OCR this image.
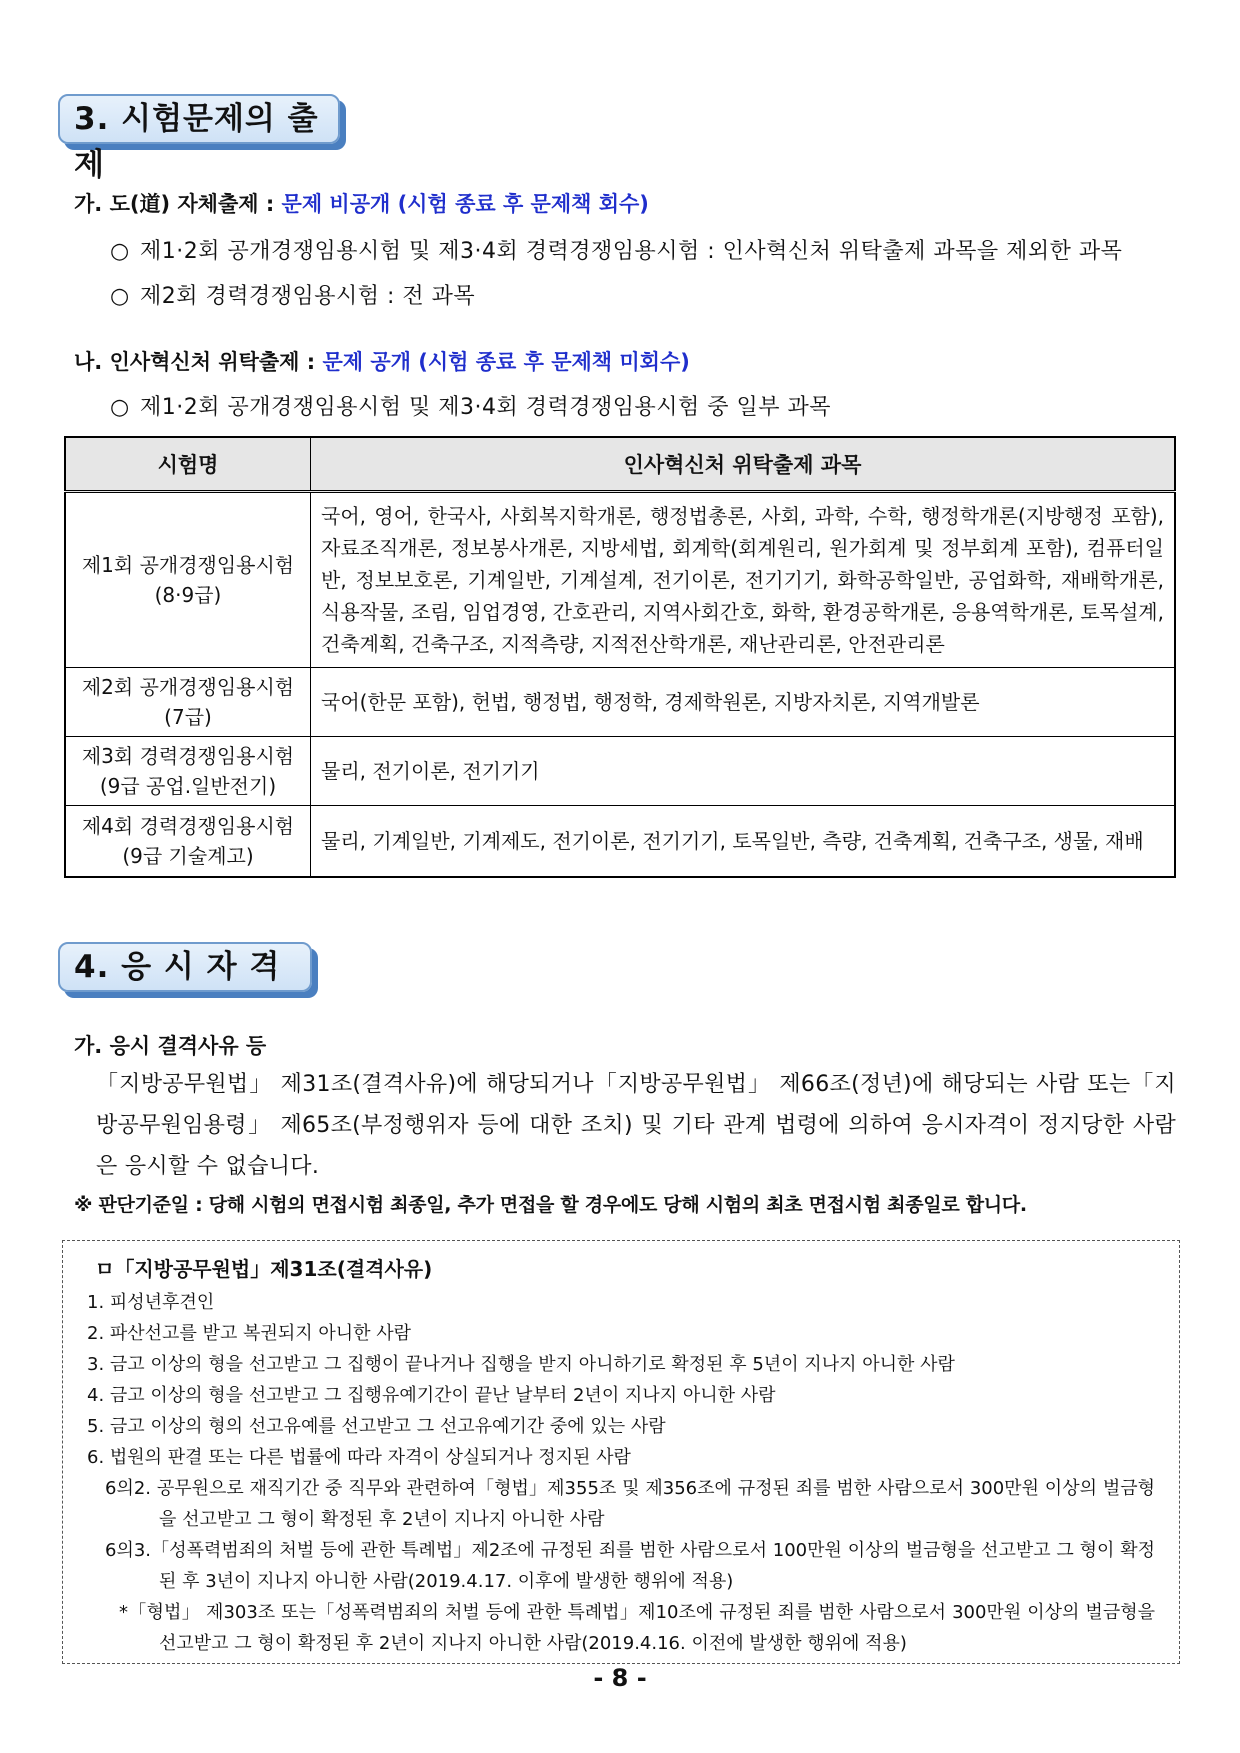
3. 시험문제의 출제
가. 도(道) 자체출제 : 문제 비공개 (시험 종료 후 문제책 회수)
○ 제1·2회 공개경쟁임용시험 및 제3·4회 경력경쟁임용시험 : 인사혁신처 위탁출제 과목을 제외한 과목
○ 제2회 경력경쟁임용시험 : 전 과목
나. 인사혁신처 위탁출제 : 문제 공개 (시험 종료 후 문제책 미회수)
○ 제1·2회 공개경쟁임용시험 및 제3·4회 경력경쟁임용시험 중 일부 과목
시험명	인사혁신처 위탁출제 과목
제1회 공개경쟁임용시험
(8·9급)	국어, 영어, 한국사, 사회복지학개론, 행정법총론, 사회, 과학, 수학, 행정학개론(지방행정 포함), 자료조직개론, 정보봉사개론, 지방세법, 회계학(회계원리, 원가회계 및 정부회계 포함), 컴퓨터일반, 정보보호론, 기계일반, 기계설계, 전기이론, 전기기기, 화학공학일반, 공업화학, 재배학개론, 식용작물, 조림, 임업경영, 간호관리, 지역사회간호, 화학, 환경공학개론, 응용역학개론, 토목설계, 건축계획, 건축구조, 지적측량, 지적전산학개론, 재난관리론, 안전관리론
제2회 공개경쟁임용시험
(7급)	국어(한문 포함), 헌법, 행정법, 행정학, 경제학원론, 지방자치론, 지역개발론
제3회 경력경쟁임용시험
(9급 공업.일반전기)	물리, 전기이론, 전기기기
제4회 경력경쟁임용시험
(9급 기술계고)	물리, 기계일반, 기계제도, 전기이론, 전기기기, 토목일반, 측량, 건축계획, 건축구조, 생물, 재배
4. 응 시 자 격
가. 응시 결격사유 등
「지방공무원법」 제31조(결격사유)에 해당되거나「지방공무원법」 제66조(정년)에 해당되는 사람 또는「지방공무원임용령」 제65조(부정행위자 등에 대한 조치) 및 기타 관계 법령에 의하여 응시자격이 정지당한 사람은 응시할 수 없습니다.
※ 판단기준일 : 당해 시험의 면접시험 최종일, 추가 면접을 할 경우에도 당해 시험의 최초 면접시험 최종일로 합니다.
ㅁ「지방공무원법」제31조(결격사유)
1. 피성년후견인
2. 파산선고를 받고 복권되지 아니한 사람
3. 금고 이상의 형을 선고받고 그 집행이 끝나거나 집행을 받지 아니하기로 확정된 후 5년이 지나지 아니한 사람
4. 금고 이상의 형을 선고받고 그 집행유예기간이 끝난 날부터 2년이 지나지 아니한 사람
5. 금고 이상의 형의 선고유예를 선고받고 그 선고유예기간 중에 있는 사람
6. 법원의 판결 또는 다른 법률에 따라 자격이 상실되거나 정지된 사람
6의2. 공무원으로 재직기간 중 직무와 관련하여「형법」제355조 및 제356조에 규정된 죄를 범한 사람으로서 300만원 이상의 벌금형을 선고받고 그 형이 확정된 후 2년이 지나지 아니한 사람
6의3.「성폭력범죄의 처벌 등에 관한 특례법」제2조에 규정된 죄를 범한 사람으로서 100만원 이상의 벌금형을 선고받고 그 형이 확정된 후 3년이 지나지 아니한 사람(2019.4.17. 이후에 발생한 행위에 적용)
*「형법」 제303조 또는「성폭력범죄의 처벌 등에 관한 특례법」제10조에 규정된 죄를 범한 사람으로서 300만원 이상의 벌금형을 선고받고 그 형이 확정된 후 2년이 지나지 아니한 사람(2019.4.16. 이전에 발생한 행위에 적용)
- 8 -
